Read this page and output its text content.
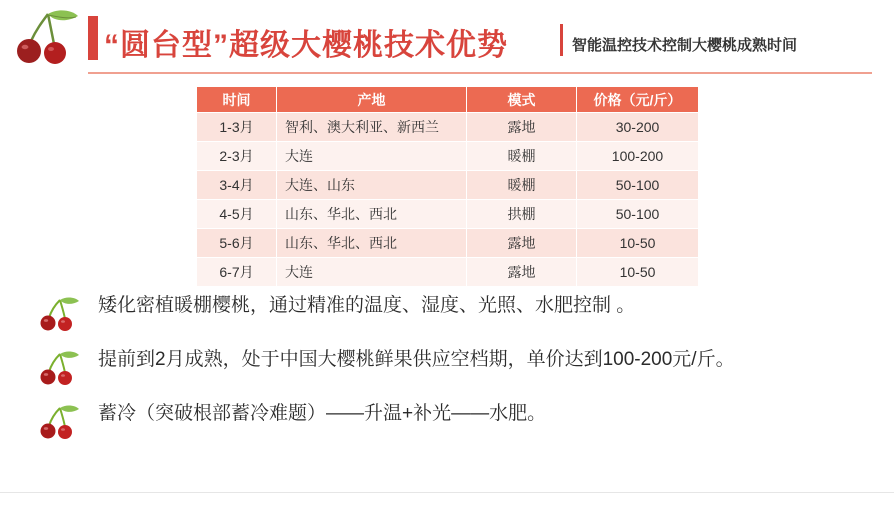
“圆台型”超级大樱桃技术优势	智能温控技术控制大樱桃成熟时间
时间	产地	模式	价格（元/斤）
1-3月	智利、澳大利亚、新西兰	露地	30-200
2-3月	大连	暖棚	100-200
3-4月	大连、山东	暖棚	50-100
4-5月	山东、华北、西北	拱棚	50-100
5-6月	山东、华北、西北	露地	10-50
6-7月	大连	露地	10-50
矮化密植暖棚樱桃，通过精准的温度、湿度、光照、水肥控制 。
提前到2月成熟，处于中国大樱桃鲜果供应空档期，单价达到100-200元/斤。
蓄冷（突破根部蓄冷难题）——升温+补光——水肥。
